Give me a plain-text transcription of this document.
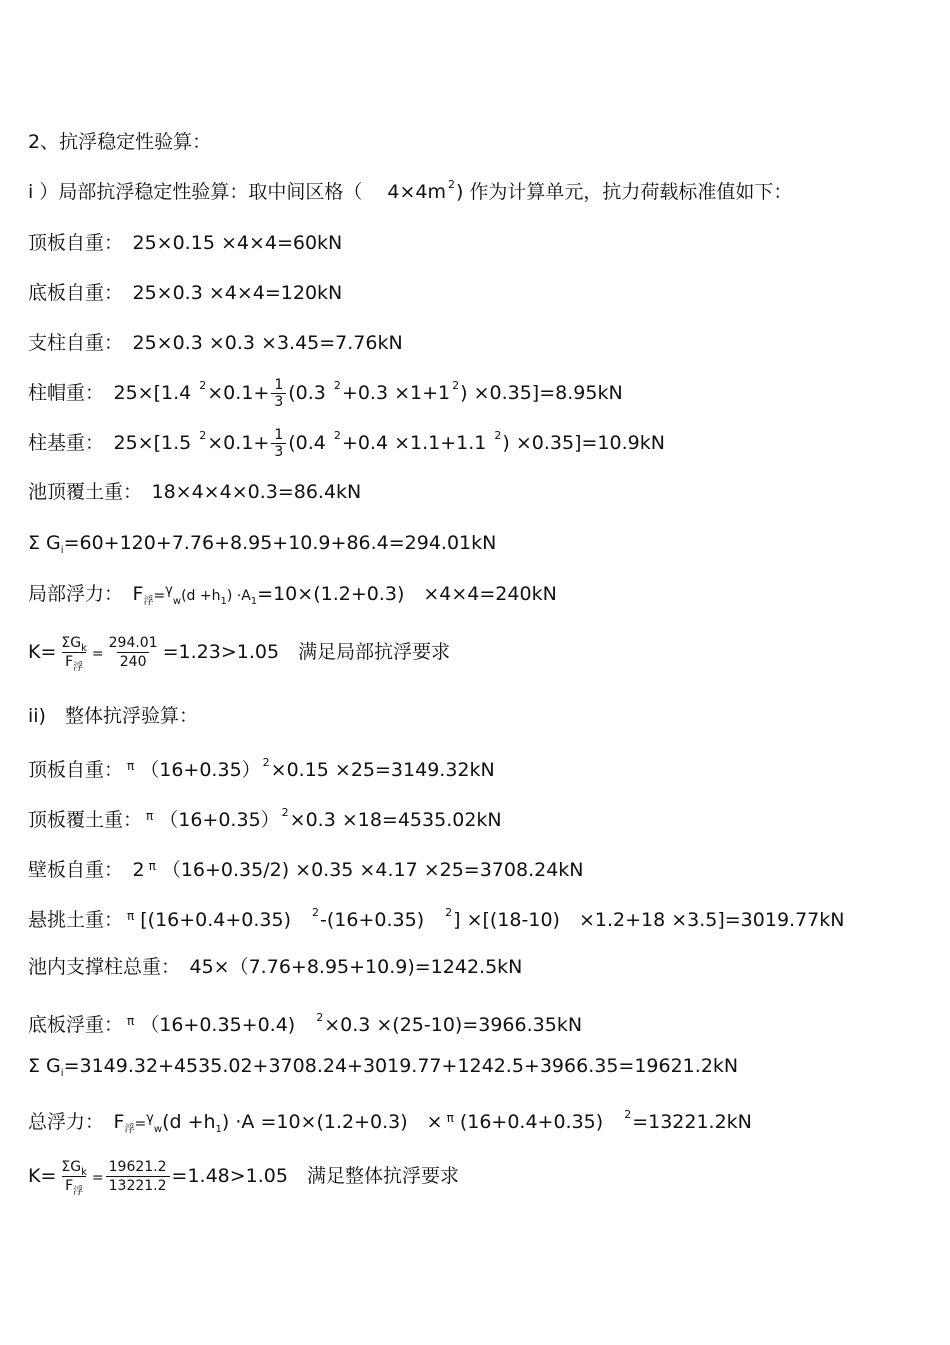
2、抗浮稳定性验算：
i ）局部抗浮稳定性验算：取中间区格（　 4×4m $^2$) 作为计算单元，抗力荷载标准值如下：
顶板自重：　25×0.15 ×4×4=60kN
底板自重：　25×0.3 ×4×4=120kN
支柱自重：　25×0.3 ×0.3 ×3.45=7.76kN
柱帽重：　25×[1.4 $^2\times 0.1+ \frac{1}{3} (0.3$ $^2$+0.3 ×1+1 $^2$) ×0.35]=8.95kN
柱基重：　25×[1.5 $^2\times 0.1+ \frac{1}{3} (0.4$ $^2$+0.4 ×1.1+1.1 $^2$) ×0.35]=10.9kN
池顶覆土重：　18×4×4×0.3=86.4kN
Σ $G_i=60+120+7.76+8.95+10.9+86.4=294.01kN$
局部浮力：　$F_浮=^\gamma_w(d +h_1) \cdot A_1=10\times(1.2+0.3)$　×4×4=240kN
$K= \frac{\Sigma G_k}{F_浮} = \frac{294.01}{240} =1.23>1.05$　满足局部抗浮要求
ii)　整体抗浮验算：
顶板自重： $^\pi$ （16+0.35） $^2$×0.15 ×25=3149.32kN
顶板覆土重： $^\pi$ （16+0.35） $^2$×0.3 ×18=4535.02kN
壁板自重：　2 $^\pi$ （16+0.35/2) ×0.35 ×4.17 ×25=3708.24kN
悬挑土重： $^\pi$ [(16+0.4+0.35)　$^2$-(16+0.35)　$^2$] ×[(18-10)　×1.2+18 ×3.5]=3019.77kN
池内支撑柱总重：　45×（7.76+8.95+10.9)=1242.5kN
底板浮重： $^\pi$ （16+0.35+0.4)　$^2$×0.3 ×(25-10)=3966.35kN
Σ $G_i=3149.32+4535.02+3708.24+3019.77+1242.5+3966.35=19621.2kN$
总浮力：　$F_浮=^\gamma_w(d +h_1) \cdot A =10\times(1.2+0.3)$　× $^\pi$ (16+0.4+0.35)　$^2$=13221.2kN
$K= \frac{\Sigma G_k}{F_浮} = \frac{19621.2}{13221.2} =1.48>1.05$　满足整体抗浮要求
